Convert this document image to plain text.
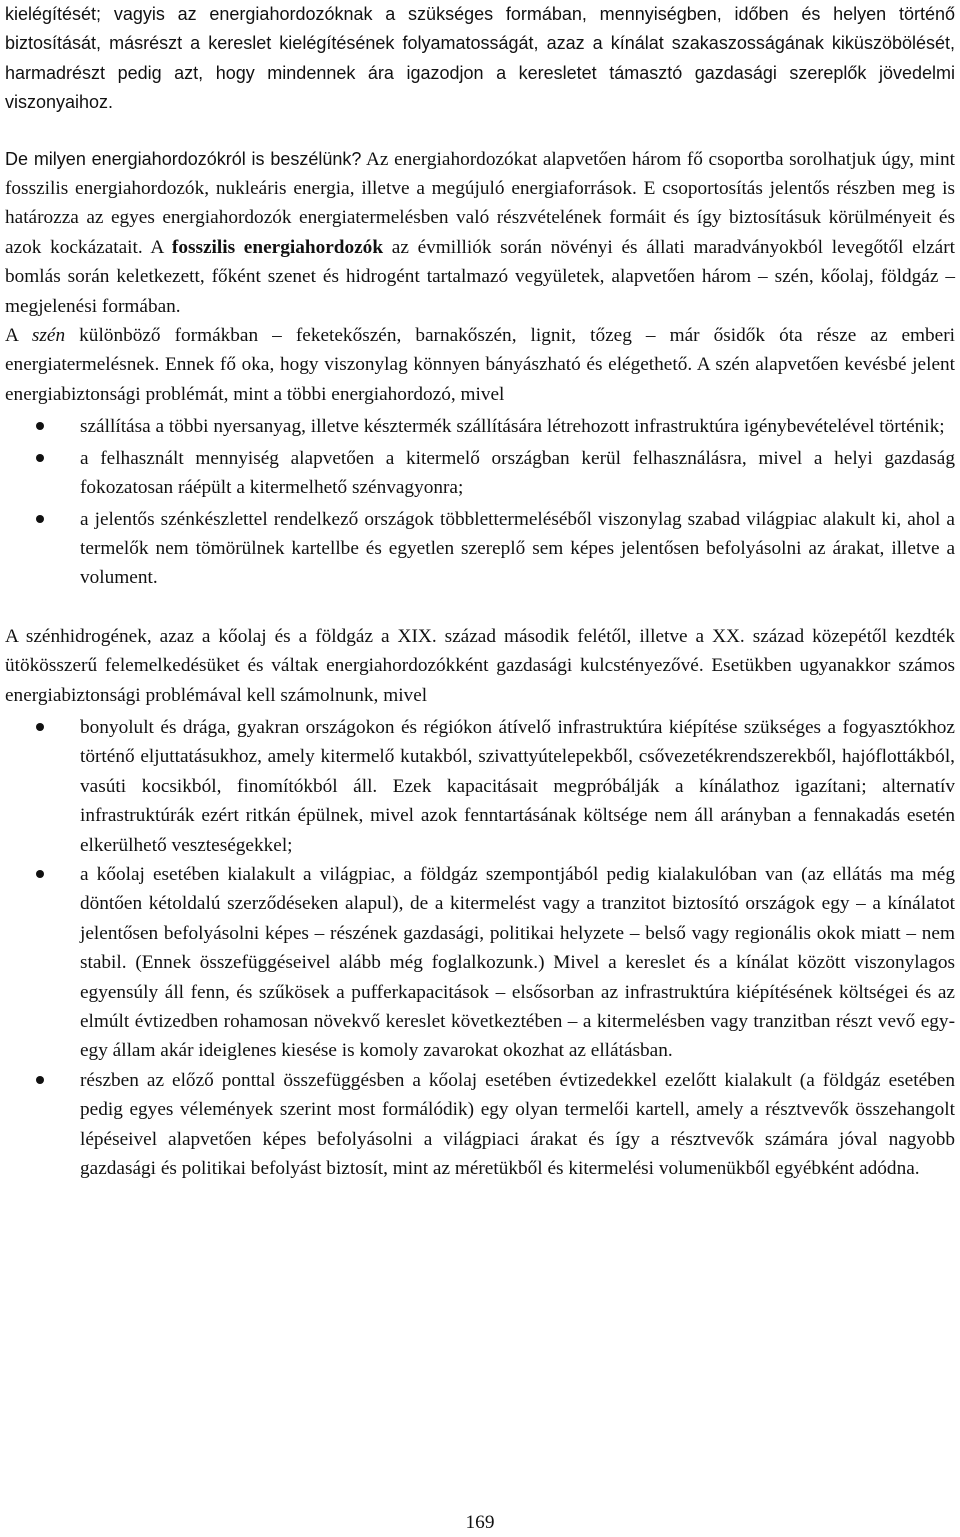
kielégítését; vagyis az energiahordozóknak a szükséges formában, mennyiségben, időben és helyen történő biztosítását, másrészt a kereslet kielégítésének folyamatosságát, azaz a kínálat szakaszosságának kiküszöbölését, harmadrészt pedig azt, hogy mindennek ára igazodjon a keresletet támasztó gazdasági szereplők jövedelmi viszonyaihoz.

De milyen energiahordozókról is beszélünk? Az energiahordozókat alapvetően három fő csoportba sorolhatjuk úgy, mint fosszilis energiahordozók, nukleáris energia, illetve a megújuló energiaforrások. E csoportosítás jelentős részben meg is határozza az egyes energiahordozók energiatermelésben való részvételének formáit és így biztosításuk körülményeit és azok kockázatait. A fosszilis energiahordozók az évmilliók során növényi és állati maradványokból levegőtől elzárt bomlás során keletkezett, főként szenet és hidrogént tartalmazó vegyületek, alapvetően három – szén, kőolaj, földgáz – megjelenési formában.

A szén különböző formákban – feketekőszén, barnakőszén, lignit, tőzeg – már ősidők óta része az emberi energiatermelésnek. Ennek fő oka, hogy viszonylag könnyen bányászható és elégethető. A szén alapvetően kevésbé jelent energiabiztonsági problémát, mint a többi energiahordozó, mivel

szállítása a többi nyersanyag, illetve késztermék szállítására létrehozott infrastruktúra igénybevételével történik;
a felhasznált mennyiség alapvetően a kitermelő országban kerül felhasználásra, mivel a helyi gazdaság fokozatosan ráépült a kitermelhető szénvagyonra;
a jelentős szénkészlettel rendelkező országok többlettermeléséből viszonylag szabad világpiac alakult ki, ahol a termelők nem tömörülnek kartellbe és egyetlen szereplő sem képes jelentősen befolyásolni az árakat, illetve a volument.

A szénhidrogének, azaz a kőolaj és a földgáz a XIX. század második felétől, illetve a XX. század közepétől kezdték ütökösszerű felemelkedésüket és váltak energiahordozókként gazdasági kulcstényezővé. Esetükben ugyanakkor számos energiabiztonsági problémával kell számolnunk, mivel

bonyolult és drága, gyakran országokon és régiókon átívelő infrastruktúra kiépítése szükséges a fogyasztókhoz történő eljuttatásukhoz, amely kitermelő kutakból, szivattyútelepekből, csővezetékrendszerekből, hajóflottákból, vasúti kocsikból, finomítókból áll. Ezek kapacitásait megpróbálják a kínálathoz igazítani; alternatív infrastruktúrák ezért ritkán épülnek, mivel azok fenntartásának költsége nem áll arányban a fennakadás esetén elkerülhető veszteségekkel;
a kőolaj esetében kialakult a világpiac, a földgáz szempontjából pedig kialakulóban van (az ellátás ma még döntően kétoldalú szerződéseken alapul), de a kitermelést vagy a tranzitot biztosító országok egy – a kínálatot jelentősen befolyásolni képes – részének gazdasági, politikai helyzete – belső vagy regionális okok miatt – nem stabil. (Ennek összefüggéseivel alább még foglalkozunk.) Mivel a kereslet és a kínálat között viszonylagos egyensúly áll fenn, és szűkösek a pufferkapacitások – elsősorban az infrastruktúra kiépítésének költségei és az elmúlt évtizedben rohamosan növekvő kereslet következtében – a kitermelésben vagy tranzitban részt vevő egy-egy állam akár ideiglenes kiesése is komoly zavarokat okozhat az ellátásban.
részben az előző ponttal összefüggésben a kőolaj esetében évtizedekkel ezelőtt kialakult (a földgáz esetében pedig egyes vélemények szerint most formálódik) egy olyan termelői kartell, amely a résztvevők összehangolt lépéseivel alapvetően képes befolyásolni a világpiaci árakat és így a résztvevők számára jóval nagyobb gazdasági és politikai befolyást biztosít, mint az méretükből és kitermelési volumenükből egyébként adódna.
169
